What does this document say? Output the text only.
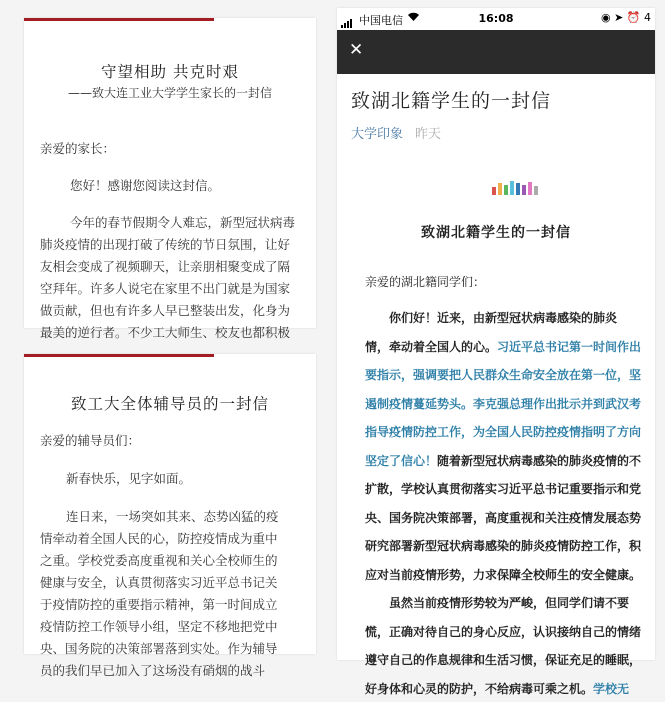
守望相助 共克时艰
——致大连工业大学学生家长的一封信
亲爱的家长：
您好！感谢您阅读这封信。
今年的春节假期令人难忘，新型冠状病毒
肺炎疫情的出现打破了传统的节日氛围，让好
友相会变成了视频聊天，让亲朋相聚变成了隔
空拜年。许多人说宅在家里不出门就是为国家
做贡献，但也有许多人早已整装出发，化身为
最美的逆行者。不少工大师生、校友也都积极
致工大全体辅导员的一封信
亲爱的辅导员们：
新春快乐，见字如面。
连日来，一场突如其来、态势凶猛的疫
情牵动着全国人民的心，防控疫情成为重中
之重。学校党委高度重视和关心全校师生的
健康与安全，认真贯彻落实习近平总书记关
于疫情防控的重要指示精神，第一时间成立
疫情防控工作领导小组，坚定不移地把党中
央、国务院的决策部署落到实处。作为辅导
员的我们早已加入了这场没有硝烟的战斗
中国电信	16:08	◉ ➤ ⏰ 4
✕
致湖北籍学生的一封信
大学印象 昨天
致湖北籍学生的一封信
亲爱的湖北籍同学们：
　　你们好！近来，由新型冠状病毒感染的肺炎
情，牵动着全国人的心。习近平总书记第一时间作出
要指示，强调要把人民群众生命安全放在第一位，坚
遏制疫情蔓延势头。李克强总理作出批示并到武汉考
指导疫情防控工作，为全国人民防控疫情指明了方向
坚定了信心！随着新型冠状病毒感染的肺炎疫情的不
扩散，学校认真贯彻落实习近平总书记重要指示和党
央、国务院决策部署，高度重视和关注疫情发展态势
研究部署新型冠状病毒感染的肺炎疫情防控工作，积
应对当前疫情形势，力求保障全校师生的安全健康。
　　虽然当前疫情形势较为严峻，但同学们请不要
慌，正确对待自己的身心反应，认识接纳自己的情绪
遵守自己的作息规律和生活习惯，保证充足的睡眠，
好身体和心灵的防护，不给病毒可乘之机。学校无
